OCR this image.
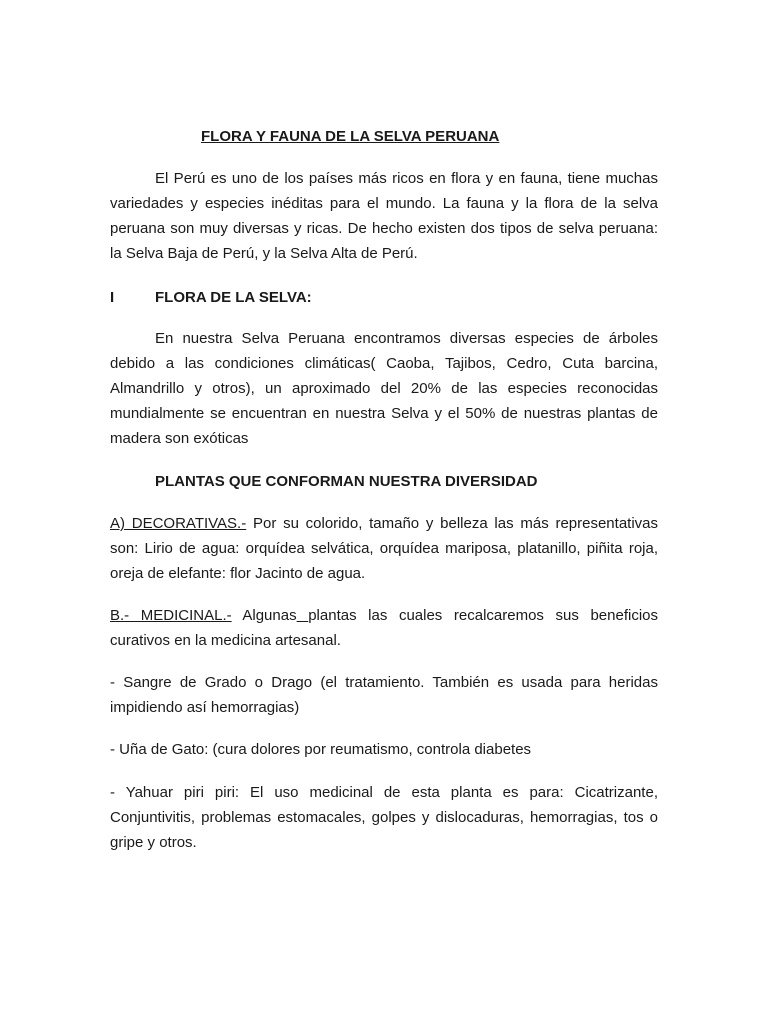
FLORA Y FAUNA DE LA SELVA PERUANA

El Perú es uno de los países más ricos en flora y en fauna, tiene muchas variedades y especies inéditas para el mundo. La fauna y la flora de la selva peruana son muy diversas y ricas. De hecho existen dos tipos de selva peruana: la Selva Baja de Perú, y la Selva Alta de Perú.

I	FLORA DE LA SELVA:

En nuestra Selva Peruana encontramos diversas especies de árboles debido a las condiciones climáticas( Caoba, Tajibos, Cedro, Cuta barcina, Almandrillo y otros), un aproximado del 20% de las especies reconocidas mundialmente se encuentran en nuestra Selva y el 50% de nuestras plantas de madera son exóticas

PLANTAS QUE CONFORMAN NUESTRA DIVERSIDAD

A) DECORATIVAS.- Por su colorido, tamaño y belleza las más representativas son: Lirio de agua: orquídea selvática, orquídea mariposa, platanillo, piñita roja, oreja de elefante: flor Jacinto de agua.

B.- MEDICINAL.- Algunas plantas las cuales recalcaremos sus beneficios curativos en la medicina artesanal.

- Sangre de Grado o Drago (el tratamiento. También es usada para heridas impidiendo así hemorragias)

- Uña de Gato: (cura dolores por reumatismo, controla diabetes

- Yahuar piri piri: El uso medicinal de esta planta es para: Cicatrizante, Conjuntivitis, problemas estomacales, golpes y dislocaduras, hemorragias, tos o gripe y otros.
